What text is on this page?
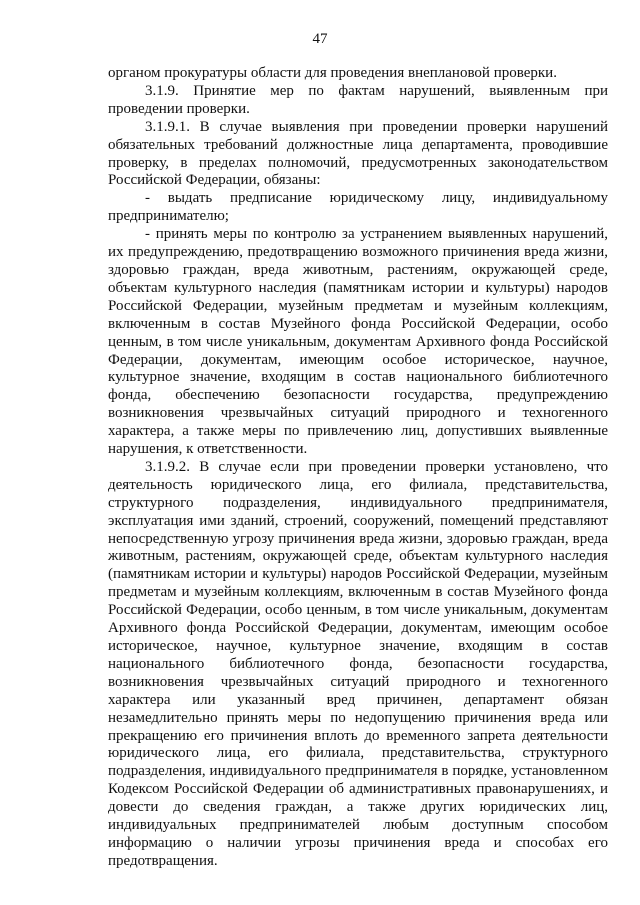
47

органом прокуратуры области для проведения внеплановой проверки.

3.1.9. Принятие мер по фактам нарушений, выявленным при проведении проверки.

3.1.9.1. В случае выявления при проведении проверки нарушений обязательных требований должностные лица департамента, проводившие проверку, в пределах полномочий, предусмотренных законодательством Российской Федерации, обязаны:

- выдать предписание юридическому лицу, индивидуальному предпринимателю;

- принять меры по контролю за устранением выявленных нарушений, их предупреждению, предотвращению возможного причинения вреда жизни, здоровью граждан, вреда животным, растениям, окружающей среде, объектам культурного наследия (памятникам истории и культуры) народов Российской Федерации, музейным предметам и музейным коллекциям, включенным в состав Музейного фонда Российской Федерации, особо ценным, в том числе уникальным, документам Архивного фонда Российской Федерации, документам, имеющим особое историческое, научное, культурное значение, входящим в состав национального библиотечного фонда, обеспечению безопасности государства, предупреждению возникновения чрезвычайных ситуаций природного и техногенного характера, а также меры по привлечению лиц, допустивших выявленные нарушения, к ответственности.

3.1.9.2. В случае если при проведении проверки установлено, что деятельность юридического лица, его филиала, представительства, структурного подразделения, индивидуального предпринимателя, эксплуатация ими зданий, строений, сооружений, помещений представляют непосредственную угрозу причинения вреда жизни, здоровью граждан, вреда животным, растениям, окружающей среде, объектам культурного наследия (памятникам истории и культуры) народов Российской Федерации, музейным предметам и музейным коллекциям, включенным в состав Музейного фонда Российской Федерации, особо ценным, в том числе уникальным, документам Архивного фонда Российской Федерации, документам, имеющим особое историческое, научное, культурное значение, входящим в состав национального библиотечного фонда, безопасности государства, возникновения чрезвычайных ситуаций природного и техногенного характера или указанный вред причинен, департамент обязан незамедлительно принять меры по недопущению причинения вреда или прекращению его причинения вплоть до временного запрета деятельности юридического лица, его филиала, представительства, структурного подразделения, индивидуального предпринимателя в порядке, установленном Кодексом Российской Федерации об административных правонарушениях, и довести до сведения граждан, а также других юридических лиц, индивидуальных предпринимателей любым доступным способом информацию о наличии угрозы причинения вреда и способах его предотвращения.
